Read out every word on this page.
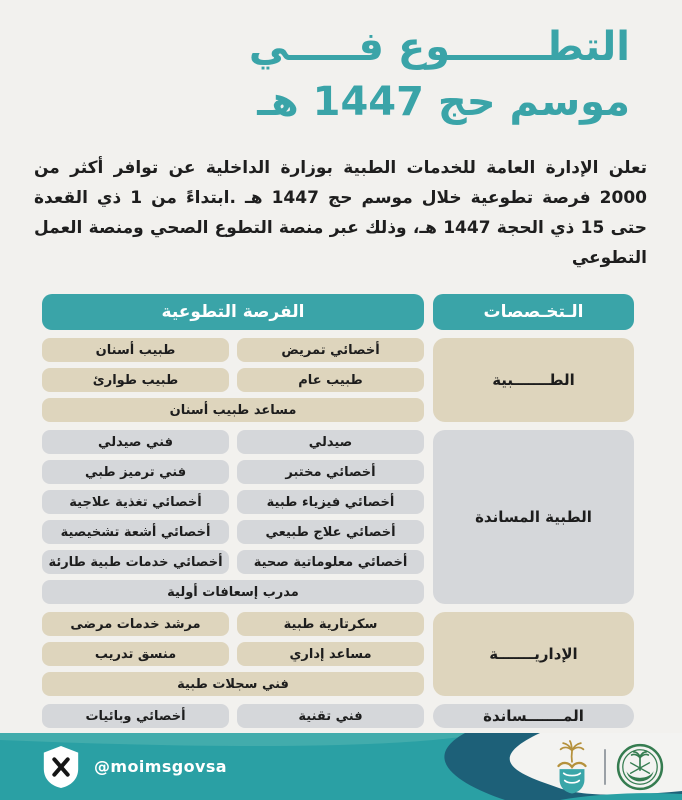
التطـــــــوع فـــــي
موسم حج 1447 هـ

تعلن الإدارة العامة للخدمات الطبية بوزارة الداخلية عن توافر أكثر من 2000 فرصة تطوعية خلال موسم حج 1447 هـ .ابتداءً من 1 ذي القعدة حتى 15 ذي الحجة 1447 هـ، وذلك عبر منصة التطوع الصحي ومنصة العمل التطوعي

الـتخـصصات
الفرصة التطوعية
الطـــــــبية
أخصائي تمريض
طبيب أسنان
طبيب عام
طبيب طوارئ
مساعد طبيب أسنان
الطبية المساندة
صيدلي
فني صيدلي
أخصائي مختبر
فني ترميز طبي
أخصائي فيزياء طبية
أخصائي تغذية علاجية
أخصائي علاج طبيعي
أخصائي أشعة تشخيصية
أخصائي معلوماتية صحية
أخصائي خدمات طبية طارئة
مدرب إسعافات أولية
الإداريـــــــة
سكرتارية طبية
مرشد خدمات مرضى
مساعد إداري
منسق تدريب
فني سجلات طبية
المـــــــساندة
فني تقنية
أخصائي وبائيات
@moimsgovsa
